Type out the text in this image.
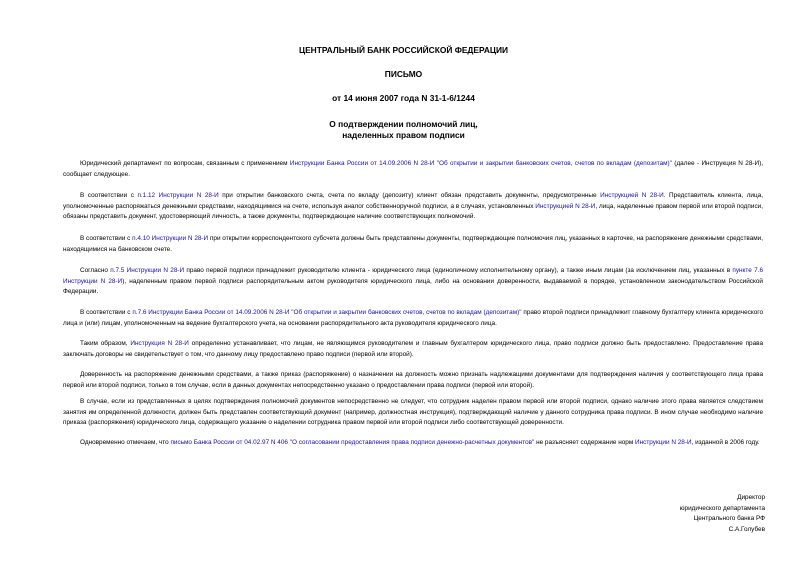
ЦЕНТРАЛЬНЫЙ БАНК РОССИЙСКОЙ ФЕДЕРАЦИИ
ПИСЬМО
от 14 июня 2007 года N 31-1-6/1244
О подтверждении полномочий лиц,
наделенных правом подписи

Юридический департамент по вопросам, связанным с применением Инструкции Банка России от 14.09.2006 N 28-И "Об открытии и закрытии банковских счетов, счетов по вкладам (депозитам)" (далее - Инструкция N 28-И), сообщает следующее.

В соответствии с п.1.12 Инструкции N 28-И при открытии банковского счета, счета по вкладу (депозиту) клиент обязан представить документы, предусмотренные Инструкцией N 28-И. Представитель клиента, лица, уполномоченные распоряжаться денежными средствами, находящимися на счете, используя аналог собственноручной подписи, а в случаях, установленных Инструкцией N 28-И, лица, наделенные правом первой или второй подписи, обязаны представить документ, удостоверяющий личность, а также документы, подтверждающие наличие соответствующих полномочий.

В соответствии с п.4.10 Инструкции N 28-И при открытии корреспондентского субсчета должны быть представлены документы, подтверждающие полномочия лиц, указанных в карточке, на распоряжение денежными средствами, находящимися на банковском счете.

Согласно п.7.5 Инструкции N 28-И право первой подписи принадлежит руководителю клиента - юридического лица (единоличному исполнительному органу), а также иным лицам (за исключением лиц, указанных в пункте 7.6 Инструкции N 28-И), наделенным правом первой подписи распорядительным актом руководителя юридического лица, либо на основании доверенности, выдаваемой в порядке, установленном законодательством Российской Федерации.

В соответствии с п.7.6 Инструкции Банка России от 14.09.2006 N 28-И "Об открытии и закрытии банковских счетов, счетов по вкладам (депозитам)" право второй подписи принадлежит главному бухгалтеру клиента юридического лица и (или) лицам, уполномоченным на ведение бухгалтерского учета, на основании распорядительного акта руководителя юридического лица.

Таким образом, Инструкция N 28-И определенно устанавливает, что лицам, не являющимся руководителем и главным бухгалтером юридического лица, право подписи должно быть предоставлено. Предоставление права заключать договоры не свидетельствует о том, что данному лицу предоставлено право подписи (первой или второй).

Доверенность на распоряжение денежными средствами, а также приказ (распоряжение) о назначении на должность можно признать надлежащими документами для подтверждения наличия у соответствующего лица права первой или второй подписи, только в том случае, если в данных документах непосредственно указано о предоставлении права подписи (первой или второй).

В случае, если из представленных в целях подтверждения полномочий документов непосредственно не следует, что сотрудник наделен правом первой или второй подписи, однако наличие этого права является следствием занятия им определенной должности, должен быть представлен соответствующий документ (например, должностная инструкция), подтверждающий наличие у данного сотрудника права подписи. В ином случае необходимо наличие приказа (распоряжения) юридического лица, содержащего указание о наделении сотрудника правом первой или второй подписи либо соответствующей доверенности.

Одновременно отмечаем, что письмо Банка России от 04.02.97 N 406 "О согласовании предоставления права подписи денежно-расчетных документов" не разъясняет содержание норм Инструкции N 28-И, изданной в 2006 году.

Директор
юридического департамента
Центрального банка РФ
С.А.Голубев
